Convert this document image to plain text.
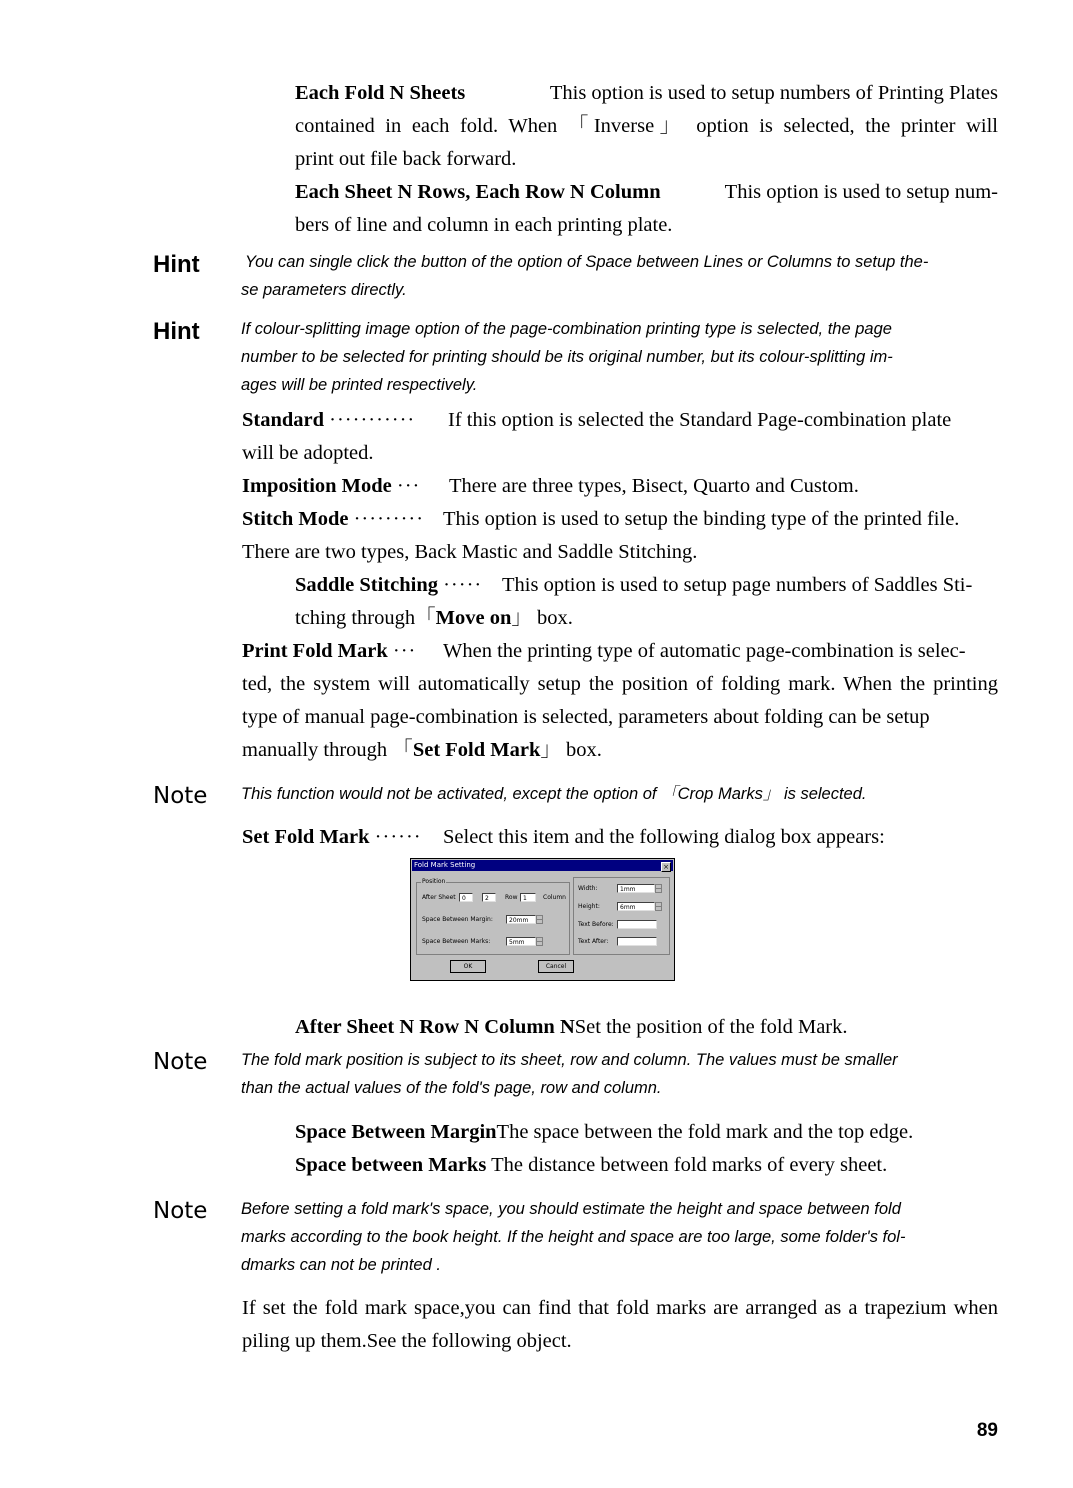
Each Fold N Sheets	This option is used to setup numbers of Printing Plates
contained in each fold. When 「Inverse」 option is selected, the printer will
print out file back forward.
Each Sheet N Rows, Each Row N Column	This option is used to setup num-
bers of line and column in each printing plate.
Hint	You can single click the button of the option of Space between Lines or Columns to setup the-
se parameters directly.
Hint	If colour-splitting image option of the page-combination printing type is selected, the page
number to be selected for printing should be its original number, but its colour-splitting im-
ages will be printed respectively.
Standard ··········· If this option is selected the Standard Page-combination plate
will be adopted.
Imposition Mode ··· There are three types, Bisect, Quarto and Custom.
Stitch Mode ········· This option is used to setup the binding type of the printed file.
There are two types, Back Mastic and Saddle Stitching.
Saddle Stitching ····· This option is used to setup page numbers of Saddles Sti-
tching through「Move on」 box.
Print Fold Mark ··· When the printing type of automatic page-combination is selec-
ted, the system will automatically setup the position of folding mark. When the printing
type of manual page-combination is selected, parameters about folding can be setup
manually through 「Set Fold Mark」 box.
Note This function would not be activated, except the option of 「Crop Marks」 is selected.
Set Fold Mark ······ Select this item and the following dialog box appears:
Fold Mark Setting	×
Position
After Sheet	0	2	Row 1	Column
Space Between Margin:	20mm
Space Between Marks:	5mm
Width:	1mm
Height:	6mm
Text Before:
Text After:
OK	Cancel
After Sheet N Row N Column NSet the position of the fold Mark.
Note The fold mark position is subject to its sheet, row and column. The values must be smaller
than the actual values of the fold's page, row and column.
Space Between MarginThe space between the fold mark and the top edge.
Space between Marks The distance between fold marks of every sheet.
Note Before setting a fold mark's space, you should estimate the height and space between fold
marks according to the book height. If the height and space are too large, some folder's fol-
dmarks can not be printed .
If set the fold mark space,you can find that fold marks are arranged as a trapezium when
piling up them.See the following object.
89
